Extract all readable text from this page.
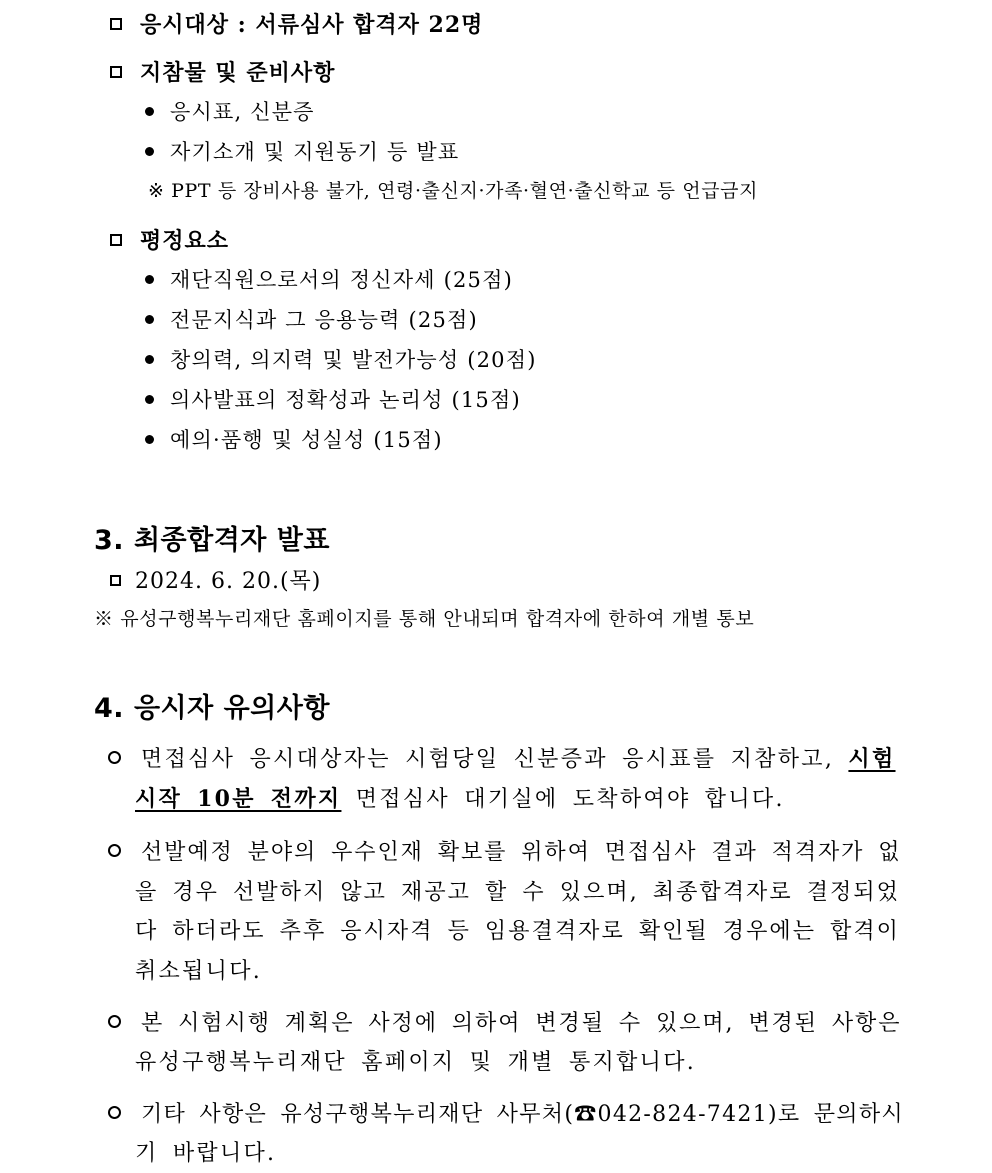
응시대상 : 서류심사 합격자 22명
지참물 및 준비사항
응시표, 신분증
자기소개 및 지원동기 등 발표
※ PPT 등 장비사용 불가, 연령·출신지·가족·혈연·출신학교 등 언급금지
평정요소
재단직원으로서의 정신자세 (25점)
전문지식과 그 응용능력 (25점)
창의력, 의지력 및 발전가능성 (20점)
의사발표의 정확성과 논리성 (15점)
예의·품행 및 성실성 (15점)
3. 최종합격자 발표
2024. 6. 20.(목)
※ 유성구행복누리재단 홈페이지를 통해 안내되며 합격자에 한하여 개별 통보
4. 응시자 유의사항
면접심사 응시대상자는 시험당일 신분증과 응시표를 지참하고, 시험
시작 10분 전까지 면접심사 대기실에 도착하여야 합니다.
선발예정 분야의 우수인재 확보를 위하여 면접심사 결과 적격자가 없
을 경우 선발하지 않고 재공고 할 수 있으며, 최종합격자로 결정되었
다 하더라도 추후 응시자격 등 임용결격자로 확인될 경우에는 합격이
취소됩니다.
본 시험시행 계획은 사정에 의하여 변경될 수 있으며, 변경된 사항은
유성구행복누리재단 홈페이지 및 개별 통지합니다.
기타 사항은 유성구행복누리재단 사무처(☎042-824-7421)로 문의하시
기 바랍니다.
